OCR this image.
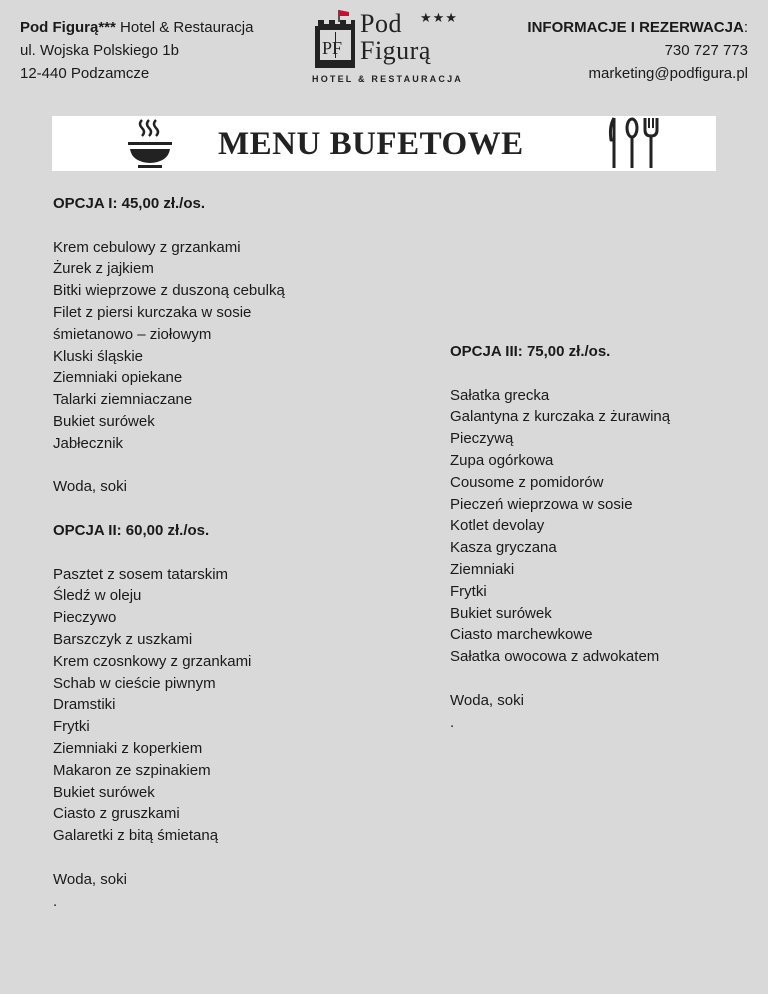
Pod Figurą*** Hotel & Restauracja
ul. Wojska Polskiego 1b
12-440 Podzamcze
PF
Pod
Figurą
★★★
HOTEL & RESTAURACJA
INFORMACJE I REZERWACJA:
730 727 773
marketing@podfigura.pl
MENU BUFETOWE

OPCJA I: 45,00 zł./os.

Krem cebulowy z grzankami

Żurek z jajkiem

Bitki wieprzowe z duszoną cebulką

Filet z piersi kurczaka w sosie śmietanowo – ziołowym

Kluski śląskie

Ziemniaki opiekane

Talarki ziemniaczane

Bukiet surówek

Jabłecznik

Woda, soki

OPCJA II: 60,00 zł./os.

Pasztet z sosem tatarskim

Śledź w oleju

Pieczywo

Barszczyk z uszkami

Krem czosnkowy z grzankami

Schab w cieście piwnym

Dramstiki

Frytki

Ziemniaki z koperkiem

Makaron ze szpinakiem

Bukiet surówek

Ciasto z gruszkami

Galaretki z bitą śmietaną

Woda, soki

.

OPCJA III: 75,00 zł./os.

Sałatka grecka

Galantyna z kurczaka z żurawiną

Pieczywą

Zupa ogórkowa

Cousome z pomidorów

Pieczeń wieprzowa w sosie

Kotlet devolay

Kasza gryczana

Ziemniaki

Frytki

Bukiet surówek

Ciasto marchewkowe

Sałatka owocowa z adwokatem

Woda, soki

.
